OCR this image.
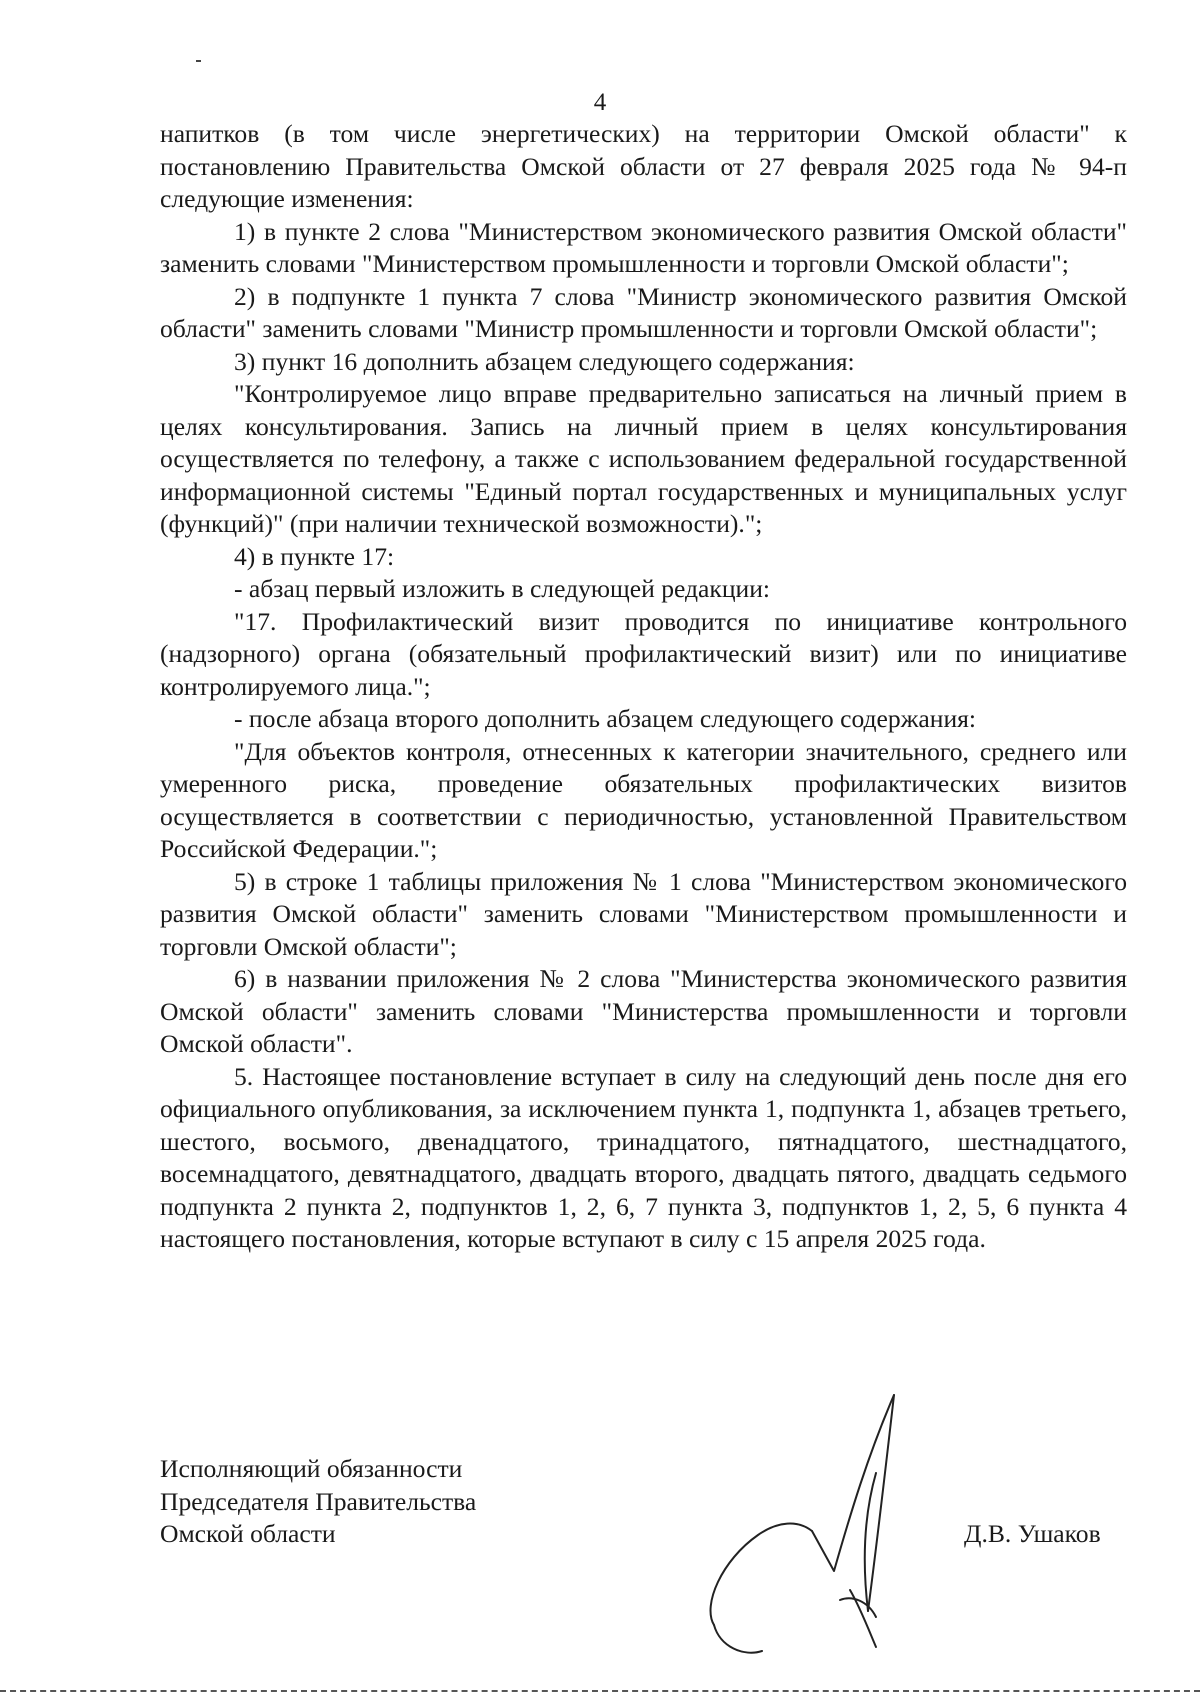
4

напитков (в том числе энергетических) на территории Омской области" к постановлению Правительства Омской области от 27 февраля 2025 года № 94-п следующие изменения:

1) в пункте 2 слова "Министерством экономического развития Омской области" заменить словами "Министерством промышленности и торговли Омской области";

2) в подпункте 1 пункта 7 слова "Министр экономического развития Омской области" заменить словами "Министр промышленности и торговли Омской области";

3) пункт 16 дополнить абзацем следующего содержания:

"Контролируемое лицо вправе предварительно записаться на личный прием в целях консультирования. Запись на личный прием в целях консультирования осуществляется по телефону, а также с использованием федеральной государственной информационной системы "Единый портал государственных и муниципальных услуг (функций)" (при наличии технической возможности).";

4) в пункте 17:

- абзац первый изложить в следующей редакции:

"17. Профилактический визит проводится по инициативе контрольного (надзорного) органа (обязательный профилактический визит) или по инициативе контролируемого лица.";

- после абзаца второго дополнить абзацем следующего содержания:

"Для объектов контроля, отнесенных к категории значительного, среднего или умеренного риска, проведение обязательных профилактических визитов осуществляется в соответствии с периодичностью, установленной Правительством Российской Федерации.";

5) в строке 1 таблицы приложения № 1 слова "Министерством экономического развития Омской области" заменить словами "Министерством промышленности и торговли Омской области";

6) в названии приложения № 2 слова "Министерства экономического развития Омской области" заменить словами "Министерства промышленности и торговли Омской области".

5. Настоящее постановление вступает в силу на следующий день после дня его официального опубликования, за исключением пункта 1, подпункта 1, абзацев третьего, шестого, восьмого, двенадцатого, тринадцатого, пятнадцатого, шестнадцатого, восемнадцатого, девятнадцатого, двадцать второго, двадцать пятого, двадцать седьмого подпункта 2 пункта 2, подпунктов 1, 2, 6, 7 пункта 3, подпунктов 1, 2, 5, 6 пункта 4 настоящего постановления, которые вступают в силу с 15 апреля 2025 года.

Исполняющий обязанности
Председателя Правительства
Омской области	Д.В. Ушаков
